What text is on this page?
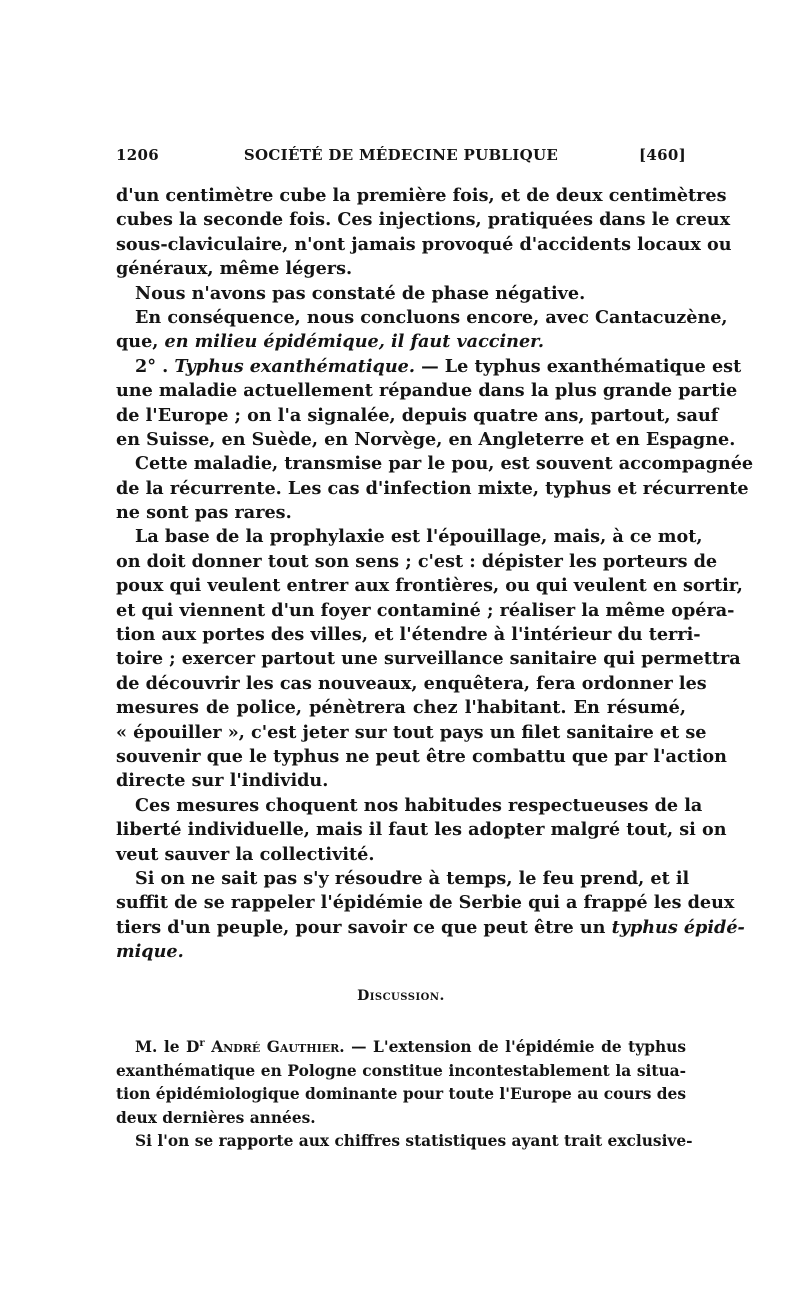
1206	SOCIÉTÉ DE MÉDECINE PUBLIQUE	[460]
d'un centimètre cube la première fois, et de deux centimètres
cubes la seconde fois. Ces injections, pratiquées dans le creux
sous-claviculaire, n'ont jamais provoqué d'accidents locaux ou
généraux, même légers.
Nous n'avons pas constaté de phase négative.
En conséquence, nous concluons encore, avec Cantacuzène,
que, en milieu épidémique, il faut vacciner.
2° . Typhus exanthématique. — Le typhus exanthématique est
une maladie actuellement répandue dans la plus grande partie
de l'Europe ; on l'a signalée, depuis quatre ans, partout, sauf
en Suisse, en Suède, en Norvège, en Angleterre et en Espagne.
Cette maladie, transmise par le pou, est souvent accompagnée
de la récurrente. Les cas d'infection mixte, typhus et récurrente
ne sont pas rares.
La base de la prophylaxie est l'épouillage, mais, à ce mot,
on doit donner tout son sens ; c'est : dépister les porteurs de
poux qui veulent entrer aux frontières, ou qui veulent en sortir,
et qui viennent d'un foyer contaminé ; réaliser la même opéra-
tion aux portes des villes, et l'étendre à l'intérieur du terri-
toire ; exercer partout une surveillance sanitaire qui permettra
de découvrir les cas nouveaux, enquêtera, fera ordonner les
mesures de police, pénètrera chez l'habitant. En résumé,
« épouiller », c'est jeter sur tout pays un filet sanitaire et se
souvenir que le typhus ne peut être combattu que par l'action
directe sur l'individu.
Ces mesures choquent nos habitudes respectueuses de la
liberté individuelle, mais il faut les adopter malgré tout, si on
veut sauver la collectivité.
Si on ne sait pas s'y résoudre à temps, le feu prend, et il
suffit de se rappeler l'épidémie de Serbie qui a frappé les deux
tiers d'un peuple, pour savoir ce que peut être un typhus épidé-
mique.
Discussion.
M. le $D^r$ André Gauthier. — L'extension de l'épidémie de typhus
exanthématique en Pologne constitue incontestablement la situa-
tion épidémiologique dominante pour toute l'Europe au cours des
deux dernières années.
Si l'on se rapporte aux chiffres statistiques ayant trait exclusive-
